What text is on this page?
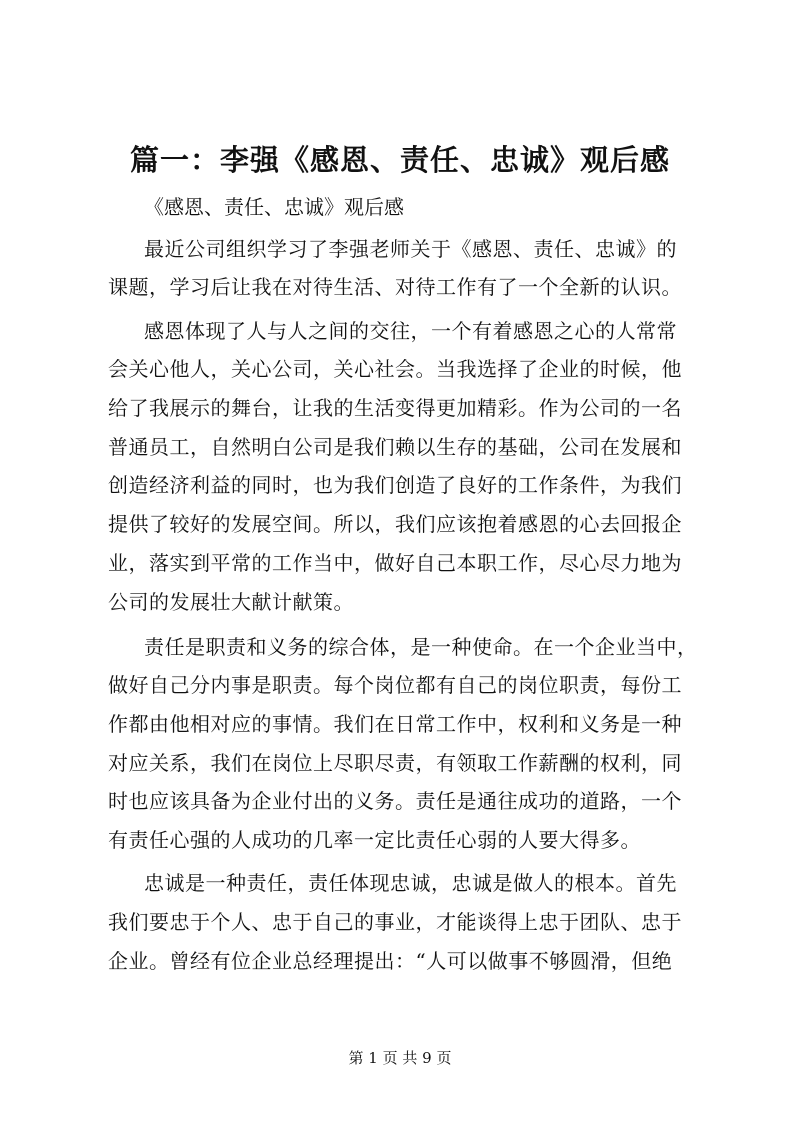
篇一：李强《感恩、责任、忠诚》观后感
《感恩、责任、忠诚》观后感
最近公司组织学习了李强老师关于《感恩、责任、忠诚》的
课题，学习后让我在对待生活、对待工作有了一个全新的认识。
感恩体现了人与人之间的交往，一个有着感恩之心的人常常
会关心他人，关心公司，关心社会。当我选择了企业的时候，他
给了我展示的舞台，让我的生活变得更加精彩。作为公司的一名
普通员工，自然明白公司是我们赖以生存的基础，公司在发展和
创造经济利益的同时，也为我们创造了良好的工作条件，为我们
提供了较好的发展空间。所以，我们应该抱着感恩的心去回报企
业，落实到平常的工作当中，做好自己本职工作，尽心尽力地为
公司的发展壮大献计献策。
责任是职责和义务的综合体，是一种使命。在一个企业当中，
做好自己分内事是职责。每个岗位都有自己的岗位职责，每份工
作都由他相对应的事情。我们在日常工作中，权利和义务是一种
对应关系，我们在岗位上尽职尽责，有领取工作薪酬的权利，同
时也应该具备为企业付出的义务。责任是通往成功的道路，一个
有责任心强的人成功的几率一定比责任心弱的人要大得多。
忠诚是一种责任，责任体现忠诚，忠诚是做人的根本。首先
我们要忠于个人、忠于自己的事业，才能谈得上忠于团队、忠于
企业。曾经有位企业总经理提出：“人可以做事不够圆滑，但绝
第 1 页 共 9 页
